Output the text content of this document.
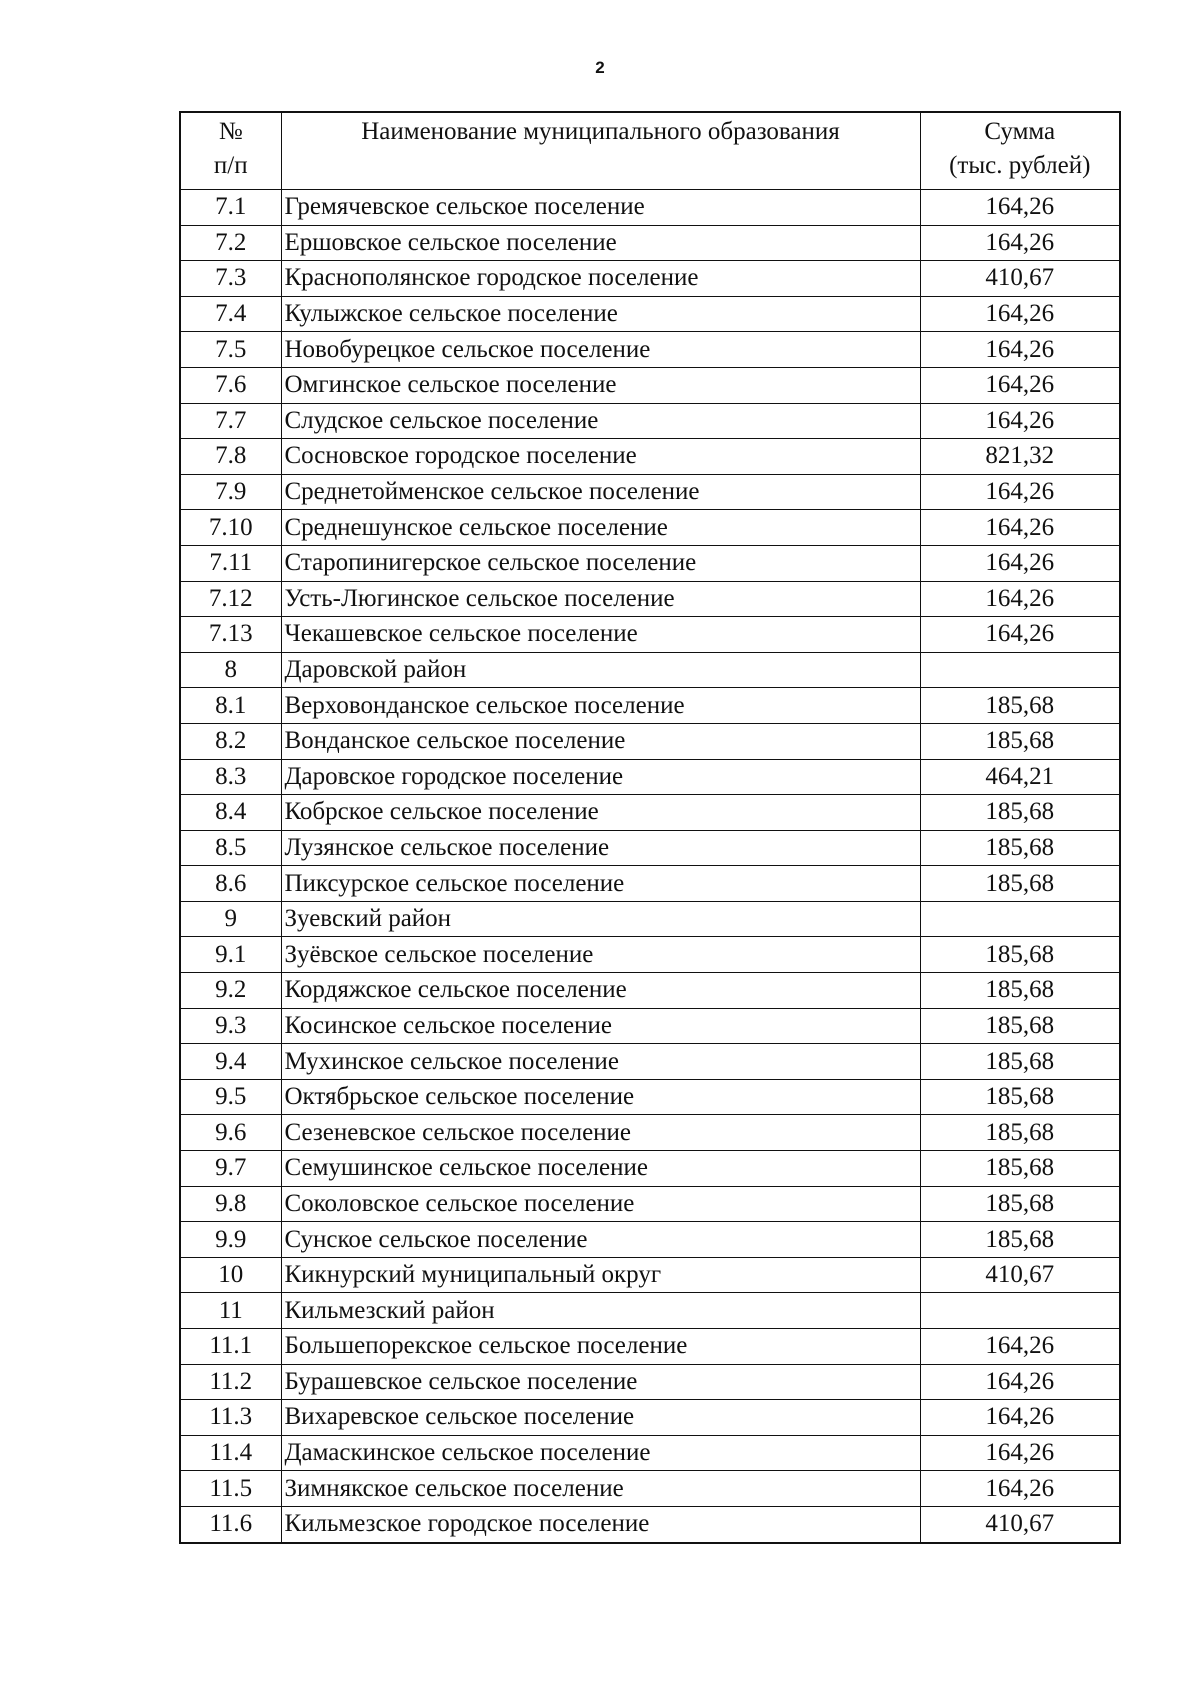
2
№
п/п	Наименование муниципального образования	Сумма
(тыс. рублей)

7.1	Гремячевское сельское поселение	164,26
7.2	Ершовское сельское поселение	164,26
7.3	Краснополянское городское поселение	410,67
7.4	Кулыжское сельское поселение	164,26
7.5	Новобурецкое сельское поселение	164,26
7.6	Омгинское сельское поселение	164,26
7.7	Слудское сельское поселение	164,26
7.8	Сосновское городское поселение	821,32
7.9	Среднетойменское сельское поселение	164,26
7.10	Среднешунское сельское поселение	164,26
7.11	Старопинигерское сельское поселение	164,26
7.12	Усть-Люгинское сельское поселение	164,26
7.13	Чекашевское сельское поселение	164,26
8	Даровской район	
8.1	Верховонданское сельское поселение	185,68
8.2	Вонданское сельское поселение	185,68
8.3	Даровское городское поселение	464,21
8.4	Кобрское сельское поселение	185,68
8.5	Лузянское сельское поселение	185,68
8.6	Пиксурское сельское поселение	185,68
9	Зуевский район	
9.1	Зуёвское сельское поселение	185,68
9.2	Кордяжское сельское поселение	185,68
9.3	Косинское сельское поселение	185,68
9.4	Мухинское сельское поселение	185,68
9.5	Октябрьское сельское поселение	185,68
9.6	Сезеневское сельское поселение	185,68
9.7	Семушинское сельское поселение	185,68
9.8	Соколовское сельское поселение	185,68
9.9	Сунское сельское поселение	185,68
10	Кикнурский муниципальный округ	410,67
11	Кильмезский район	
11.1	Большепорекское сельское поселение	164,26
11.2	Бурашевское сельское поселение	164,26
11.3	Вихаревское сельское поселение	164,26
11.4	Дамаскинское сельское поселение	164,26
11.5	Зимнякское сельское поселение	164,26
11.6	Кильмезское городское поселение	410,67
